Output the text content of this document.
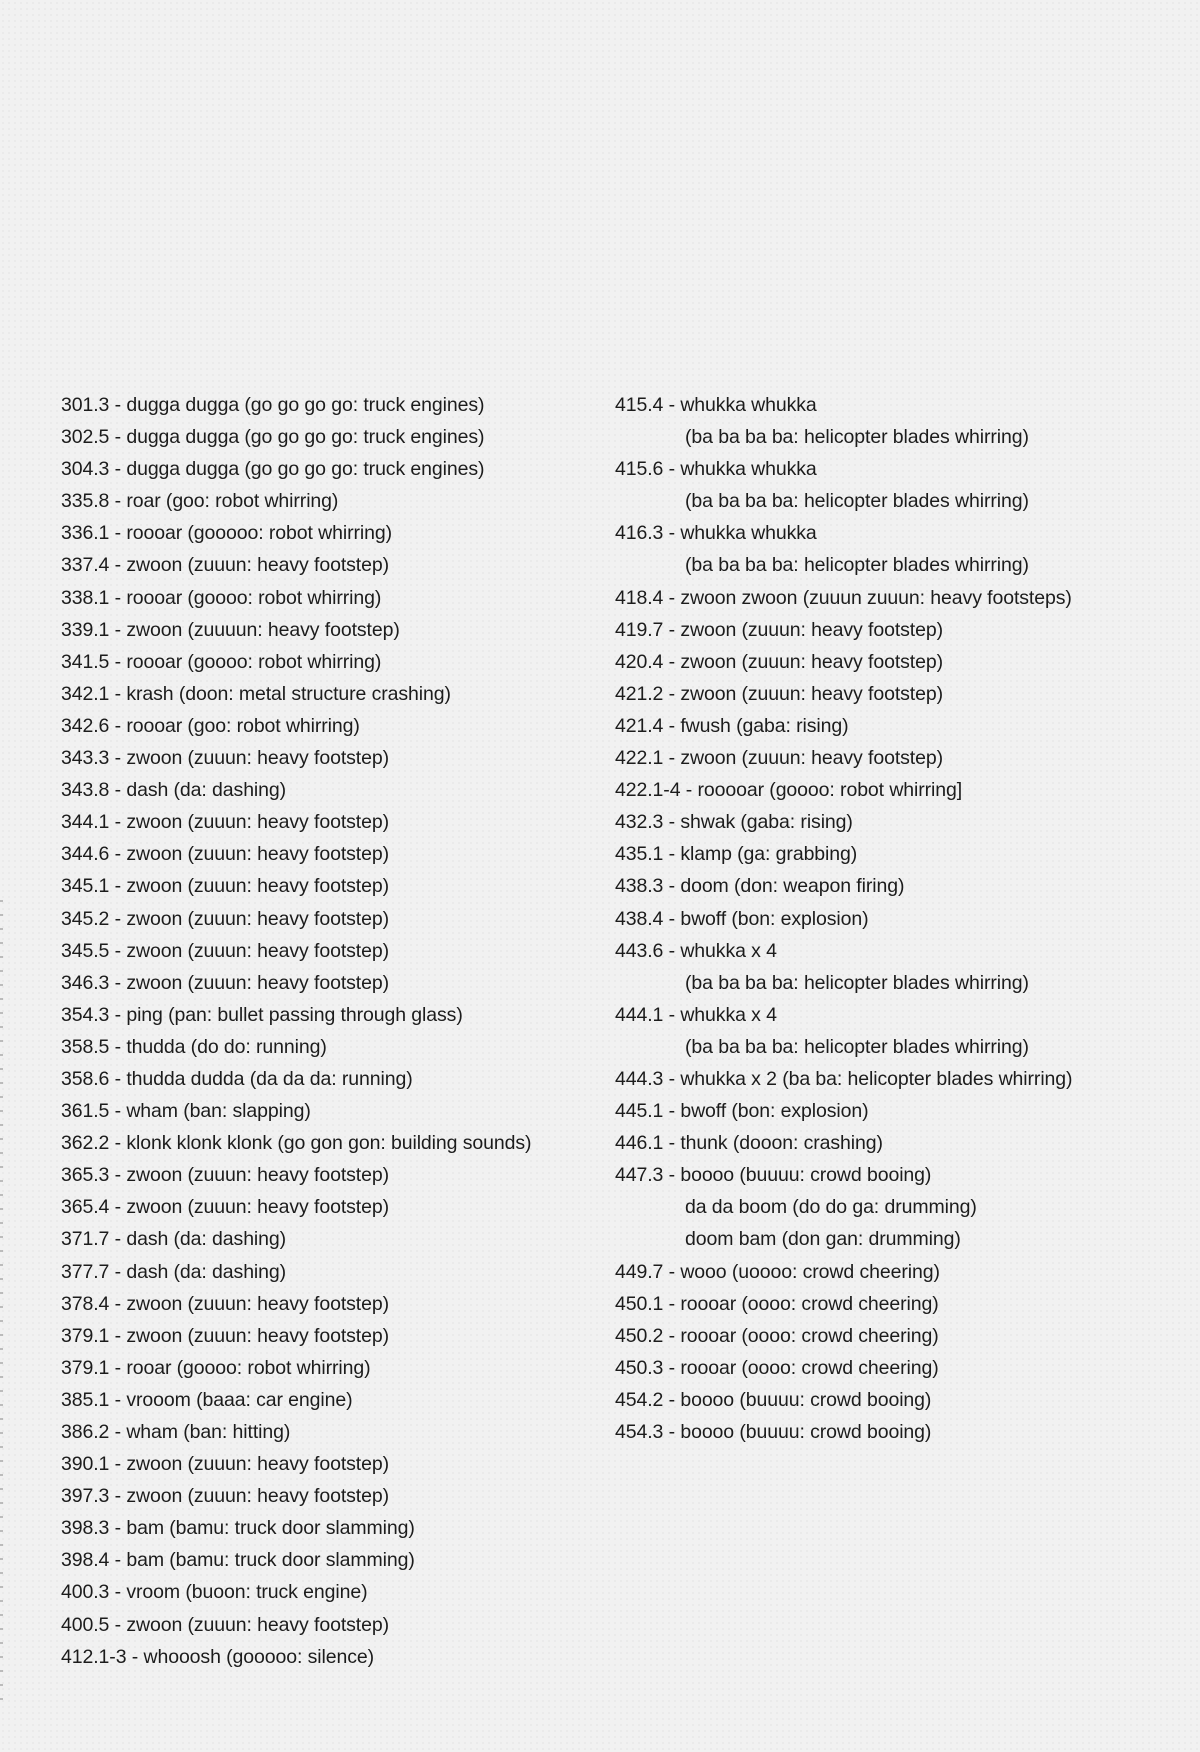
301.3 - dugga dugga (go go go go: truck engines)
302.5 - dugga dugga (go go go go: truck engines)
304.3 - dugga dugga (go go go go: truck engines)
335.8 - roar (goo: robot whirring)
336.1 - roooar (gooooo: robot whirring)
337.4 - zwoon (zuuun: heavy footstep)
338.1 - roooar (goooo: robot whirring)
339.1 - zwoon (zuuuun: heavy footstep)
341.5 - roooar (goooo: robot whirring)
342.1 - krash (doon: metal structure crashing)
342.6 - roooar (goo: robot whirring)
343.3 - zwoon (zuuun: heavy footstep)
343.8 - dash (da: dashing)
344.1 - zwoon (zuuun: heavy footstep)
344.6 - zwoon (zuuun: heavy footstep)
345.1 - zwoon (zuuun: heavy footstep)
345.2 - zwoon (zuuun: heavy footstep)
345.5 - zwoon (zuuun: heavy footstep)
346.3 - zwoon (zuuun: heavy footstep)
354.3 - ping (pan: bullet passing through glass)
358.5 - thudda (do do: running)
358.6 - thudda dudda (da da da: running)
361.5 - wham (ban: slapping)
362.2 - klonk klonk klonk (go gon gon: building sounds)
365.3 - zwoon (zuuun: heavy footstep)
365.4 - zwoon (zuuun: heavy footstep)
371.7 - dash (da: dashing)
377.7 - dash (da: dashing)
378.4 - zwoon (zuuun: heavy footstep)
379.1 - zwoon (zuuun: heavy footstep)
379.1 - rooar (goooo: robot whirring)
385.1 - vrooom (baaa: car engine)
386.2 - wham (ban: hitting)
390.1 - zwoon (zuuun: heavy footstep)
397.3 - zwoon (zuuun: heavy footstep)
398.3 - bam (bamu: truck door slamming)
398.4 - bam (bamu: truck door slamming)
400.3 - vroom (buoon: truck engine)
400.5 - zwoon (zuuun: heavy footstep)
412.1-3 - whooosh (gooooo: silence)
415.4 - whukka whukka
(ba ba ba ba: helicopter blades whirring)
415.6 - whukka whukka
(ba ba ba ba: helicopter blades whirring)
416.3 - whukka whukka
(ba ba ba ba: helicopter blades whirring)
418.4 - zwoon zwoon (zuuun zuuun: heavy footsteps)
419.7 - zwoon (zuuun: heavy footstep)
420.4 - zwoon (zuuun: heavy footstep)
421.2 - zwoon (zuuun: heavy footstep)
421.4 - fwush (gaba: rising)
422.1 - zwoon (zuuun: heavy footstep)
422.1-4 - rooooar (goooo: robot whirring]
432.3 - shwak (gaba: rising)
435.1 - klamp (ga: grabbing)
438.3 - doom (don: weapon firing)
438.4 - bwoff (bon: explosion)
443.6 - whukka x 4
(ba ba ba ba: helicopter blades whirring)
444.1 - whukka x 4
(ba ba ba ba: helicopter blades whirring)
444.3 - whukka x 2 (ba ba: helicopter blades whirring)
445.1 - bwoff (bon: explosion)
446.1 - thunk (dooon: crashing)
447.3 - boooo (buuuu: crowd booing)
da da boom (do do ga: drumming)
doom bam (don gan: drumming)
449.7 - wooo (uoooo: crowd cheering)
450.1 - roooar (oooo: crowd cheering)
450.2 - roooar (oooo: crowd cheering)
450.3 - roooar (oooo: crowd cheering)
454.2 - boooo (buuuu: crowd booing)
454.3 - boooo (buuuu: crowd booing)
